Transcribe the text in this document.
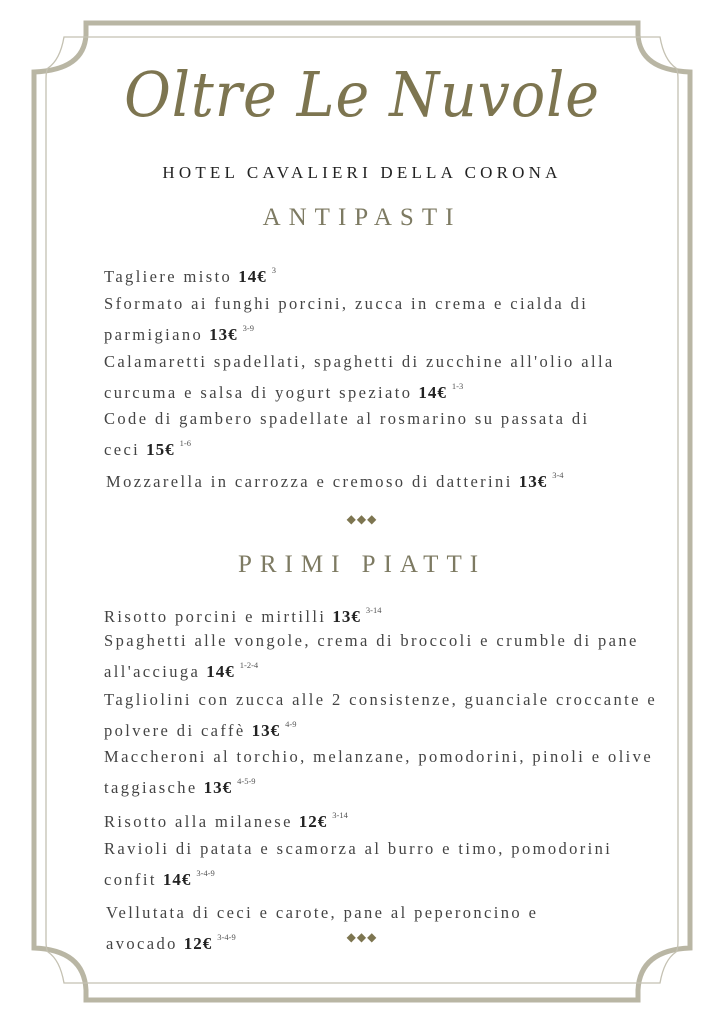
Oltre Le Nuvole
HOTEL CAVALIERI DELLA CORONA
ANTIPASTI
Tagliere misto 14€ $^3$
Sformato ai funghi porcini, zucca in crema e cialda di parmigiano 13€ $^{3-9}$
Calamaretti spadellati, spaghetti di zucchine all'olio alla curcuma e salsa di yogurt speziato 14€ $^{1-3}$
Code di gambero spadellate al rosmarino su passata di ceci 15€ $^{1-6}$
Mozzarella in carrozza e cremoso di datterini 13€ $^{3-4}$
◆◆◆
PRIMI PIATTI
Risotto porcini e mirtilli 13€ $^{3-14}$
Spaghetti alle vongole, crema di broccoli e crumble di pane all'acciuga 14€ $^{1-2-4}$
Tagliolini con zucca alle 2 consistenze, guanciale croccante e polvere di caffè 13€ $^{4-9}$
Maccheroni al torchio, melanzane, pomodorini, pinoli e olive taggiasche 13€ $^{4-5-9}$
Risotto alla milanese 12€ $^{3-14}$
Ravioli di patata e scamorza al burro e timo, pomodorini confit 14€ $^{3-4-9}$
Vellutata di ceci e carote, pane al peperoncino e avocado 12€ $^{3-4-9}$	◆◆◆
